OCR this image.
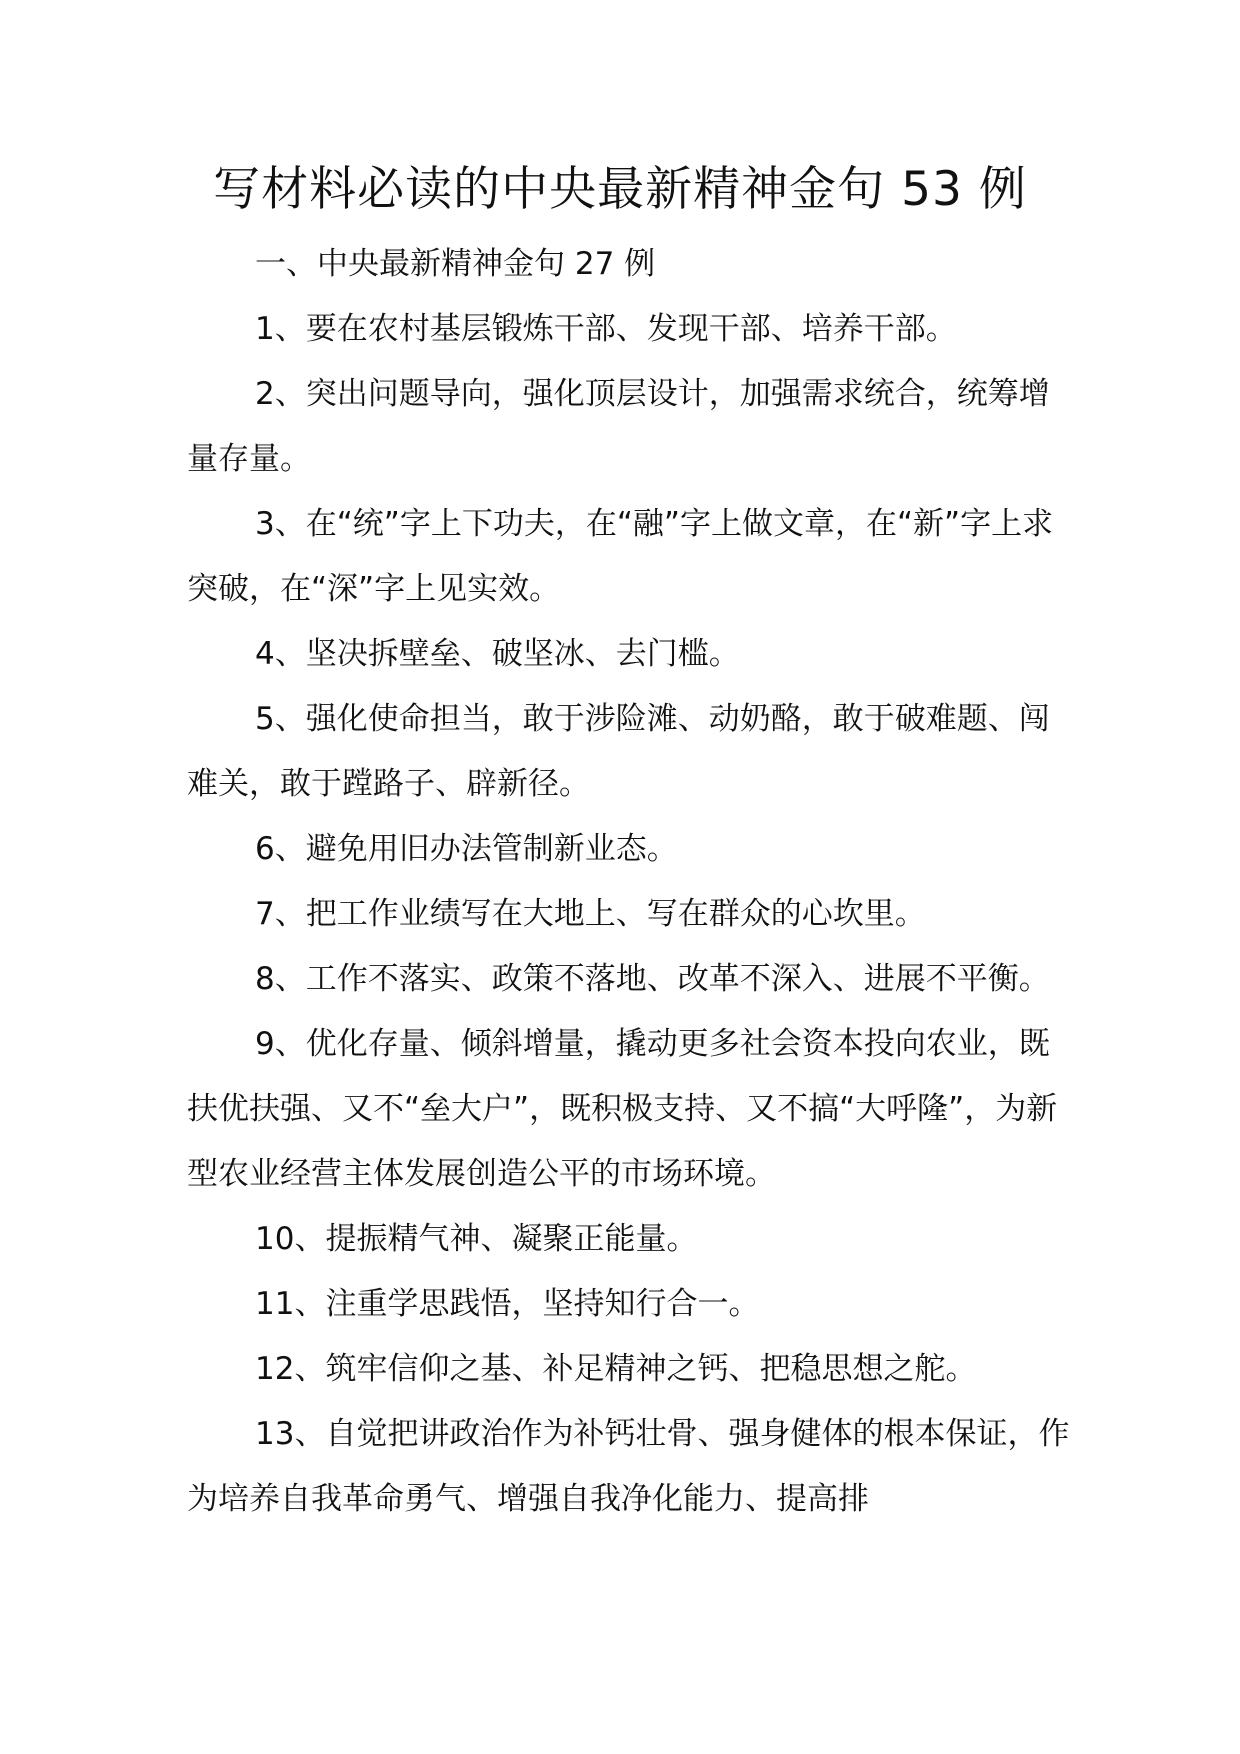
写材料必读的中央最新精神金句 53 例

一、中央最新精神金句 27 例

1、要在农村基层锻炼干部、发现干部、培养干部。

2、突出问题导向，强化顶层设计，加强需求统合，统筹增量存量。

3、在“统”字上下功夫，在“融”字上做文章，在“新”字上求突破，在“深”字上见实效。

4、坚决拆壁垒、破坚冰、去门槛。

5、强化使命担当，敢于涉险滩、动奶酪，敢于破难题、闯难关，敢于蹚路子、辟新径。

6、避免用旧办法管制新业态。

7、把工作业绩写在大地上、写在群众的心坎里。

8、工作不落实、政策不落地、改革不深入、进展不平衡。

9、优化存量、倾斜增量，撬动更多社会资本投向农业，既扶优扶强、又不“垒大户”，既积极支持、又不搞“大呼隆”，为新型农业经营主体发展创造公平的市场环境。

10、提振精气神、凝聚正能量。

11、注重学思践悟，坚持知行合一。

12、筑牢信仰之基、补足精神之钙、把稳思想之舵。

13、自觉把讲政治作为补钙壮骨、强身健体的根本保证，作为培养自我革命勇气、增强自我净化能力、提高排
